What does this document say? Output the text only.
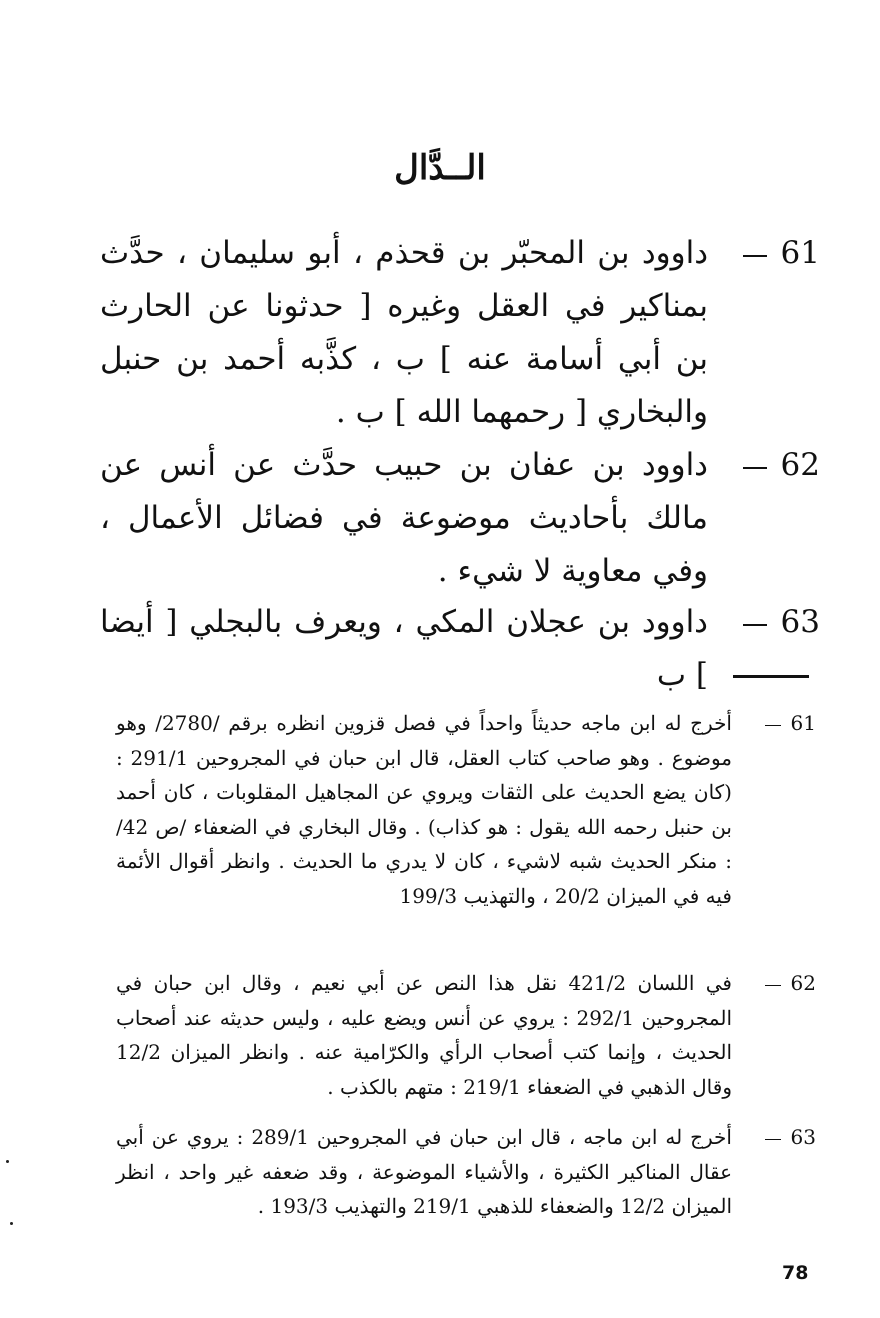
الــدَّال
61
داوود بن المحبّر بن قحذم ، أبو سليمان ، حدَّث بمناكير في العقل وغيره [ حدثونا عن الحارث بن أبي أسامة عنه ] ب ، كذَّبه أحمد بن حنبل والبخاري [ رحمهما الله ] ب .
62
داوود بن عفان بن حبيب حدَّث عن أنس عن مالك بأحاديث موضوعة في فضائل الأعمال ، وفي معاوية لا شيء .
63
داوود بن عجلان المكي ، ويعرف بالبجلي [ أيضا ] ب
61
أخرج له ابن ماجه حديثاً واحداً في فصل قزوين انظره برقم /2780/ وهو موضوع . وهو صاحب كتاب العقل، قال ابن حبان في المجروحين 291/1 : (كان يضع الحديث على الثقات ويروي عن المجاهيل المقلوبات ، كان أحمد بن حنبل رحمه الله يقول : هو كذاب) . وقال البخاري في الضعفاء /ص 42/ : منكر الحديث شبه لاشيء ، كان لا يدري ما الحديث . وانظر أقوال الأئمة فيه في الميزان 20/2 ، والتهذيب 199/3
62
في اللسان 421/2 نقل هذا النص عن أبي نعيم ، وقال ابن حبان في المجروحين 292/1 : يروي عن أنس ويضع عليه ، وليس حديثه عند أصحاب الحديث ، وإنما كتب أصحاب الرأي والكرّامية عنه . وانظر الميزان 12/2 وقال الذهبي في الضعفاء 219/1 : متهم بالكذب .
63
أخرج له ابن ماجه ، قال ابن حبان في المجروحين 289/1 : يروي عن أبي عقال المناكير الكثيرة ، والأشياء الموضوعة ، وقد ضعفه غير واحد ، انظر الميزان 12/2 والضعفاء للذهبي 219/1 والتهذيب 193/3 .
78
